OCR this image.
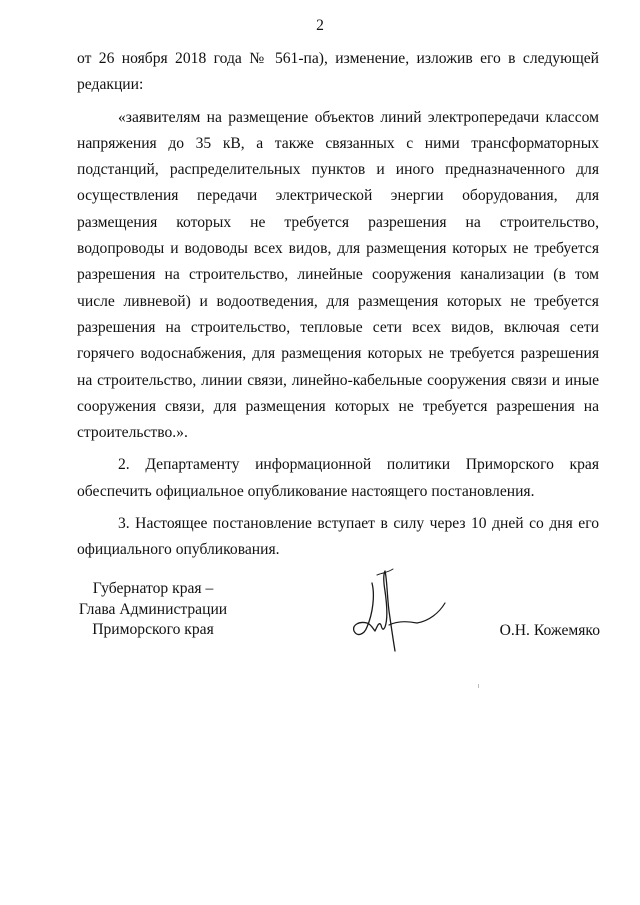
2

от 26 ноября 2018 года № 561-па), изменение, изложив его в следующей редакции:

«заявителям на размещение объектов линий электропередачи классом напряжения до 35 кВ, а также связанных с ними трансформаторных подстанций, распределительных пунктов и иного предназначенного для осуществления передачи электрической энергии оборудования, для размещения которых не требуется разрешения на строительство, водопроводы и водоводы всех видов, для размещения которых не требуется разрешения на строительство, линейные сооружения канализации (в том числе ливневой) и водоотведения, для размещения которых не требуется разрешения на строительство, тепловые сети всех видов, включая сети горячего водоснабжения, для размещения которых не требуется разрешения на строительство, линии связи, линейно-кабельные сооружения связи и иные сооружения связи, для размещения которых не требуется разрешения на строительство.».

2. Департаменту информационной политики Приморского края обеспечить официальное опубликование настоящего постановления.

3. Настоящее постановление вступает в силу через 10 дней со дня его официального опубликования.

Губернатор края –
Глава Администрации
Приморского края	О.Н. Кожемяко
